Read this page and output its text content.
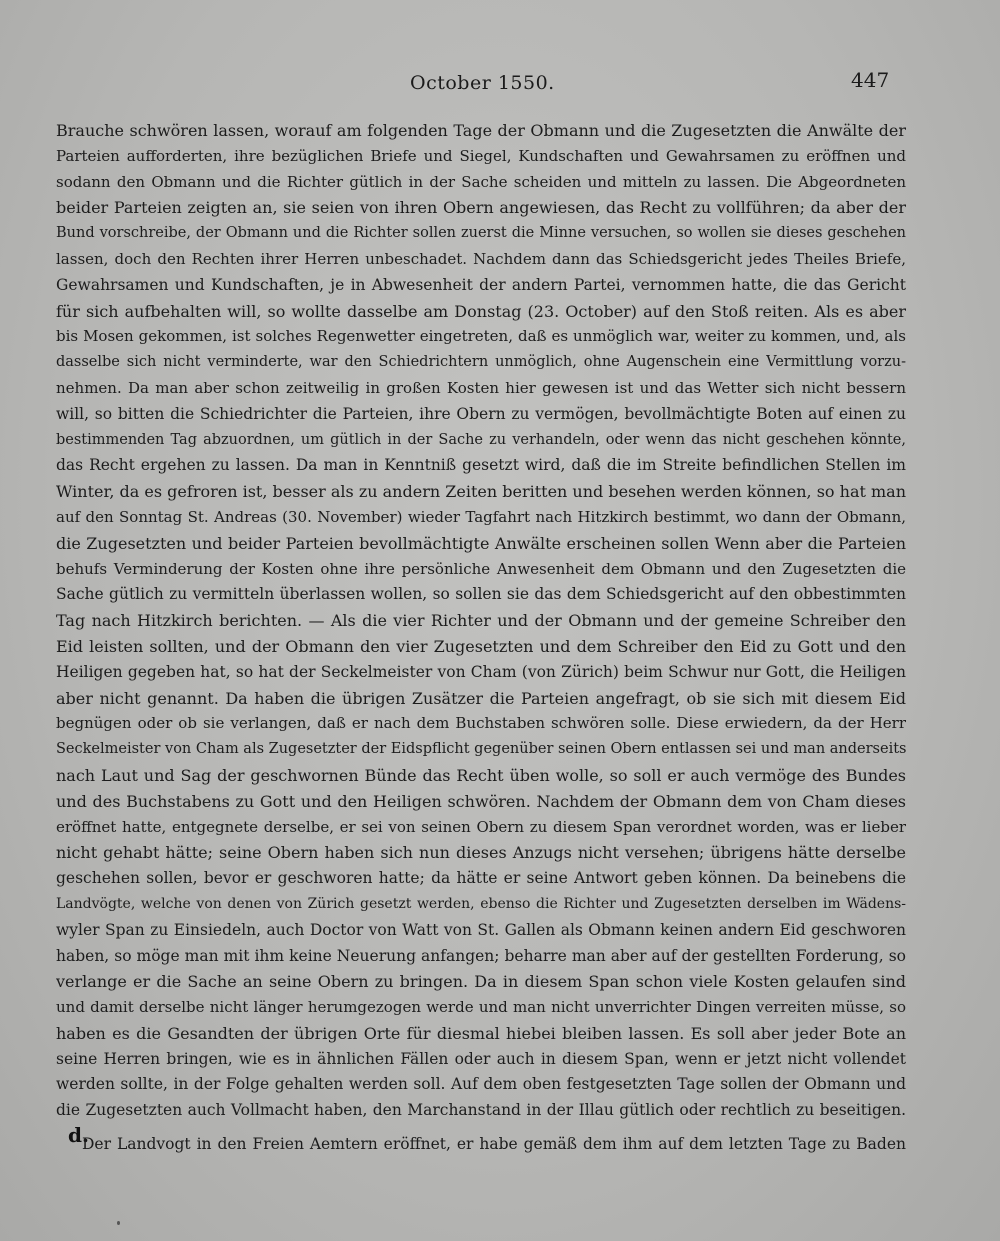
October 1550.	447
Brauche schwören lassen, worauf am folgenden Tage der Obmann und die Zugesetzten die Anwälte der
Parteien aufforderten, ihre bezüglichen Briefe und Siegel, Kundschaften und Gewahrsamen zu eröffnen und
sodann den Obmann und die Richter gütlich in der Sache scheiden und mitteln zu lassen. Die Abgeordneten
beider Parteien zeigten an, sie seien von ihren Obern angewiesen, das Recht zu vollführen; da aber der
Bund vorschreibe, der Obmann und die Richter sollen zuerst die Minne versuchen, so wollen sie dieses geschehen
lassen, doch den Rechten ihrer Herren unbeschadet. Nachdem dann das Schiedsgericht jedes Theiles Briefe,
Gewahrsamen und Kundschaften, je in Abwesenheit der andern Partei, vernommen hatte, die das Gericht
für sich aufbehalten will, so wollte dasselbe am Donstag (23. October) auf den Stoß reiten. Als es aber
bis Mosen gekommen, ist solches Regenwetter eingetreten, daß es unmöglich war, weiter zu kommen, und, als
dasselbe sich nicht verminderte, war den Schiedrichtern unmöglich, ohne Augenschein eine Vermittlung vorzu-
nehmen. Da man aber schon zeitweilig in großen Kosten hier gewesen ist und das Wetter sich nicht bessern
will, so bitten die Schiedrichter die Parteien, ihre Obern zu vermögen, bevollmächtigte Boten auf einen zu
bestimmenden Tag abzuordnen, um gütlich in der Sache zu verhandeln, oder wenn das nicht geschehen könnte,
das Recht ergehen zu lassen. Da man in Kenntniß gesetzt wird, daß die im Streite befindlichen Stellen im
Winter, da es gefroren ist, besser als zu andern Zeiten beritten und besehen werden können, so hat man
auf den Sonntag St. Andreas (30. November) wieder Tagfahrt nach Hitzkirch bestimmt, wo dann der Obmann,
die Zugesetzten und beider Parteien bevollmächtigte Anwälte erscheinen sollen Wenn aber die Parteien
behufs Verminderung der Kosten ohne ihre persönliche Anwesenheit dem Obmann und den Zugesetzten die
Sache gütlich zu vermitteln überlassen wollen, so sollen sie das dem Schiedsgericht auf den obbestimmten
Tag nach Hitzkirch berichten. — Als die vier Richter und der Obmann und der gemeine Schreiber den
Eid leisten sollten, und der Obmann den vier Zugesetzten und dem Schreiber den Eid zu Gott und den
Heiligen gegeben hat, so hat der Seckelmeister von Cham (von Zürich) beim Schwur nur Gott, die Heiligen
aber nicht genannt. Da haben die übrigen Zusätzer die Parteien angefragt, ob sie sich mit diesem Eid
begnügen oder ob sie verlangen, daß er nach dem Buchstaben schwören solle. Diese erwiedern, da der Herr
Seckelmeister von Cham als Zugesetzter der Eidspflicht gegenüber seinen Obern entlassen sei und man anderseits
nach Laut und Sag der geschwornen Bünde das Recht üben wolle, so soll er auch vermöge des Bundes
und des Buchstabens zu Gott und den Heiligen schwören. Nachdem der Obmann dem von Cham dieses
eröffnet hatte, entgegnete derselbe, er sei von seinen Obern zu diesem Span verordnet worden, was er lieber
nicht gehabt hätte; seine Obern haben sich nun dieses Anzugs nicht versehen; übrigens hätte derselbe
geschehen sollen, bevor er geschworen hatte; da hätte er seine Antwort geben können. Da beinebens die
Landvögte, welche von denen von Zürich gesetzt werden, ebenso die Richter und Zugesetzten derselben im Wädens-
wyler Span zu Einsiedeln, auch Doctor von Watt von St. Gallen als Obmann keinen andern Eid geschworen
haben, so möge man mit ihm keine Neuerung anfangen; beharre man aber auf der gestellten Forderung, so
verlange er die Sache an seine Obern zu bringen. Da in diesem Span schon viele Kosten gelaufen sind
und damit derselbe nicht länger herumgezogen werde und man nicht unverrichter Dingen verreiten müsse, so
haben es die Gesandten der übrigen Orte für diesmal hiebei bleiben lassen. Es soll aber jeder Bote an
seine Herren bringen, wie es in ähnlichen Fällen oder auch in diesem Span, wenn er jetzt nicht vollendet
werden sollte, in der Folge gehalten werden soll. Auf dem oben festgesetzten Tage sollen der Obmann und
die Zugesetzten auch Vollmacht haben, den Marchanstand in der Illau gütlich oder rechtlich zu beseitigen.
d.
Der Landvogt in den Freien Aemtern eröffnet, er habe gemäß dem ihm auf dem letzten Tage zu Baden
